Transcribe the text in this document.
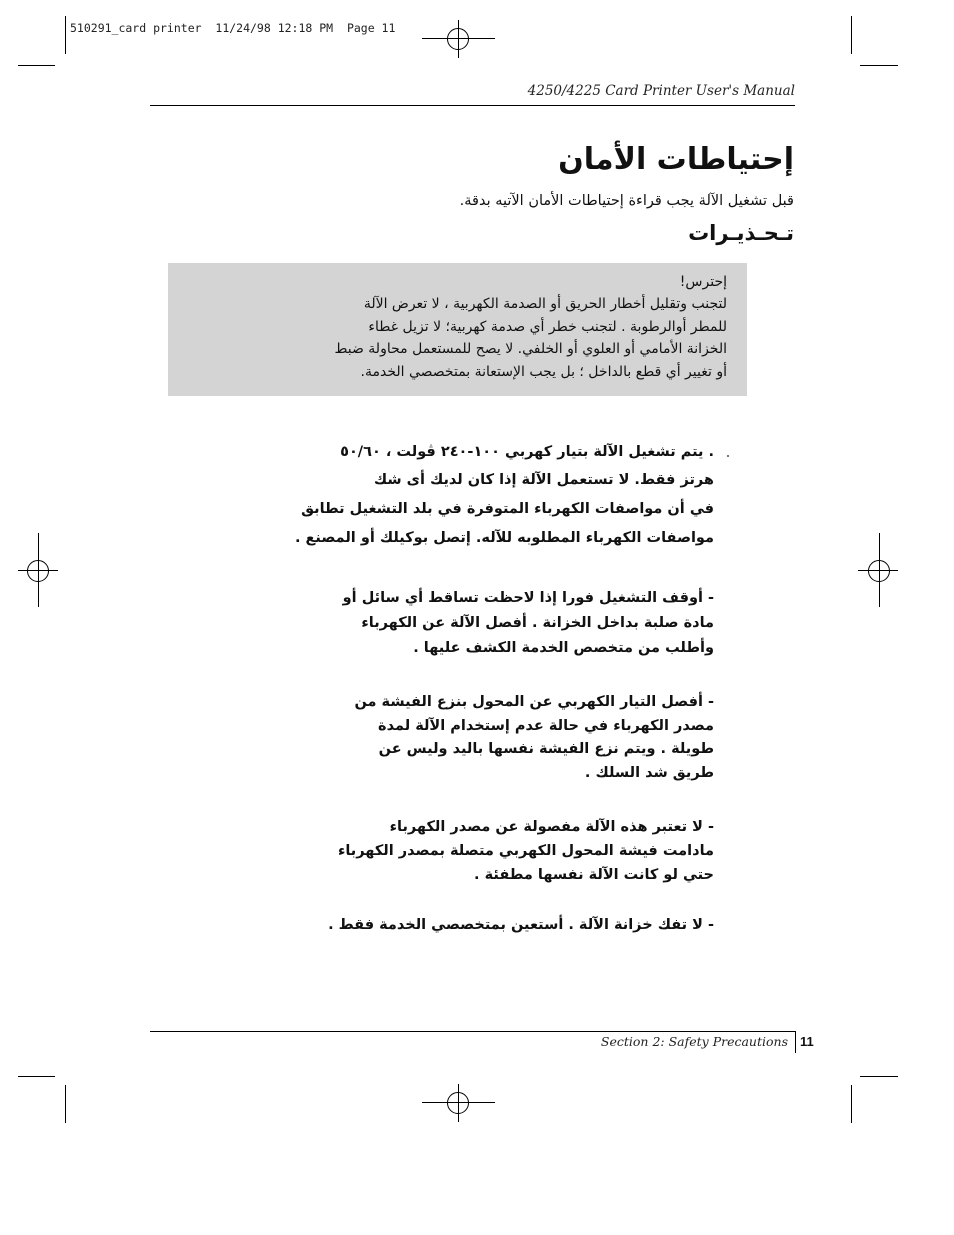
510291_card printer  11/24/98 12:18 PM  Page 11
4250/4225 Card Printer User's Manual
إحتياطات الأمان
قبل تشغيل الآلة يجب قراءة إحتياطات الأمان الآتيه بدقة.
تـحـذيـرات
إحترس!
لتجنب وتقليل أخطار الحريق أو الصدمة الكهربية ، لا تعرض الآلة
للمطر أوالرطوبة . لتجنب خطر أي صدمة كهربية؛ لا تزيل غطاء
الخزانة الأمامي أو العلوي أو الخلفي. لا يصح للمستعمل محاولة ضبط
أو تغيير أي قطع بالداخل ؛ بل يجب الإستعانة بمتخصصي الخدمة.
. يتم تشغيل الآلة بتيار كهربي ١٠٠-٢٤٠ ڤولت ، ٥٠/٦٠
هرتز فقط. لا تستعمل الآلة إذا كان لديك أى شك
في أن مواصفات الكهرباء المتوفرة في بلد التشغيل تطابق
مواصفات الكهرباء المطلوبه للآله. إتصل بوكيلك أو المصنع .
- أوقف التشغيل فورا إذا لاحظت تساقط أي سائل أو
مادة صلبة بداخل الخزانة . أفصل الآلة عن الكهرباء
وأطلب من متخصص الخدمة الكشف عليها .
- أفصل التيار الكهربي عن المحول بنزع الفيشة من
مصدر الكهرباء في حالة عدم إستخدام الآلة لمدة
طويلة . ويتم نزع الفيشة نفسها باليد وليس عن
طريق شد السلك .
- لا تعتبر هذه الآلة مفصولة عن مصدر الكهرباء
مادامت فيشة المحول الكهربي متصلة بمصدر الكهرباء
حتي لو كانت الآلة نفسها مطفئة .
- لا تفك خزانة الآلة . أستعين بمتخصصي الخدمة فقط .
Section 2: Safety Precautions 11
